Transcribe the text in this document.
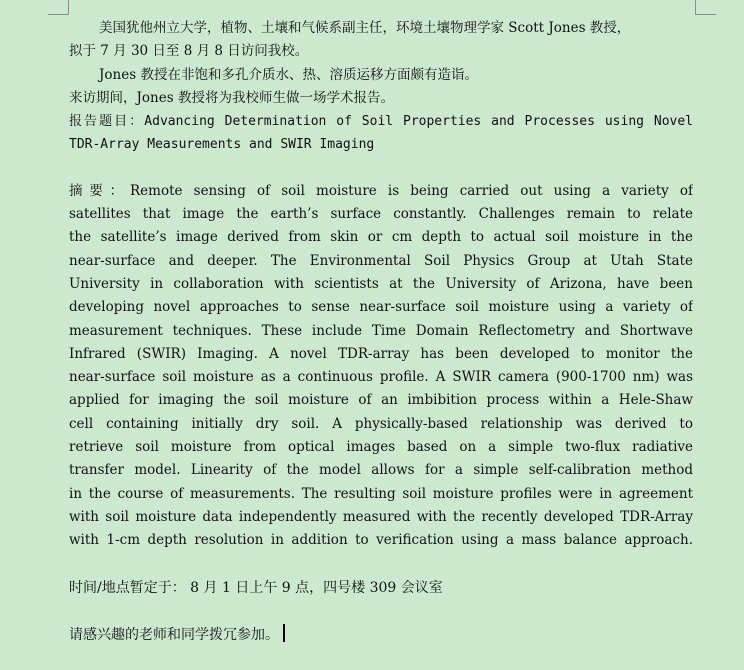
美国犹他州立大学，植物、土壤和气候系副主任，环境土壤物理学家 Scott Jones 教授，
拟于 7 月 30 日至 8 月 8 日访问我校。
Jones 教授在非饱和多孔介质水、热、溶质运移方面颇有造诣。
来访期间，Jones 教授将为我校师生做一场学术报告。
报告题目：Advancing Determination of Soil Properties and Processes using Novel
TDR-Array Measurements and SWIR Imaging
摘要：Remote sensing of soil moisture is being carried out using a variety of
satellites that image the earth’s surface constantly. Challenges remain to relate
the satellite’s image derived from skin or cm depth to actual soil moisture in the
near-surface and deeper. The Environmental Soil Physics Group at Utah State
University in collaboration with scientists at the University of Arizona, have been
developing novel approaches to sense near-surface soil moisture using a variety of
measurement techniques. These include Time Domain Reflectometry and Shortwave
Infrared (SWIR) Imaging. A novel TDR-array has been developed to monitor the
near-surface soil moisture as a continuous profile. A SWIR camera (900-1700 nm) was
applied for imaging the soil moisture of an imbibition process within a Hele-Shaw
cell containing initially dry soil. A physically-based relationship was derived to
retrieve soil moisture from optical images based on a simple two-flux radiative
transfer model. Linearity of the model allows for a simple self-calibration method
in the course of measurements. The resulting soil moisture profiles were in agreement
with soil moisture data independently measured with the recently developed TDR-Array
with 1-cm depth resolution in addition to verification using a mass balance approach.
时间/地点暂定于： 8 月 1 日上午 9 点，四号楼 309 会议室
请感兴趣的老师和同学拨冗参加。
